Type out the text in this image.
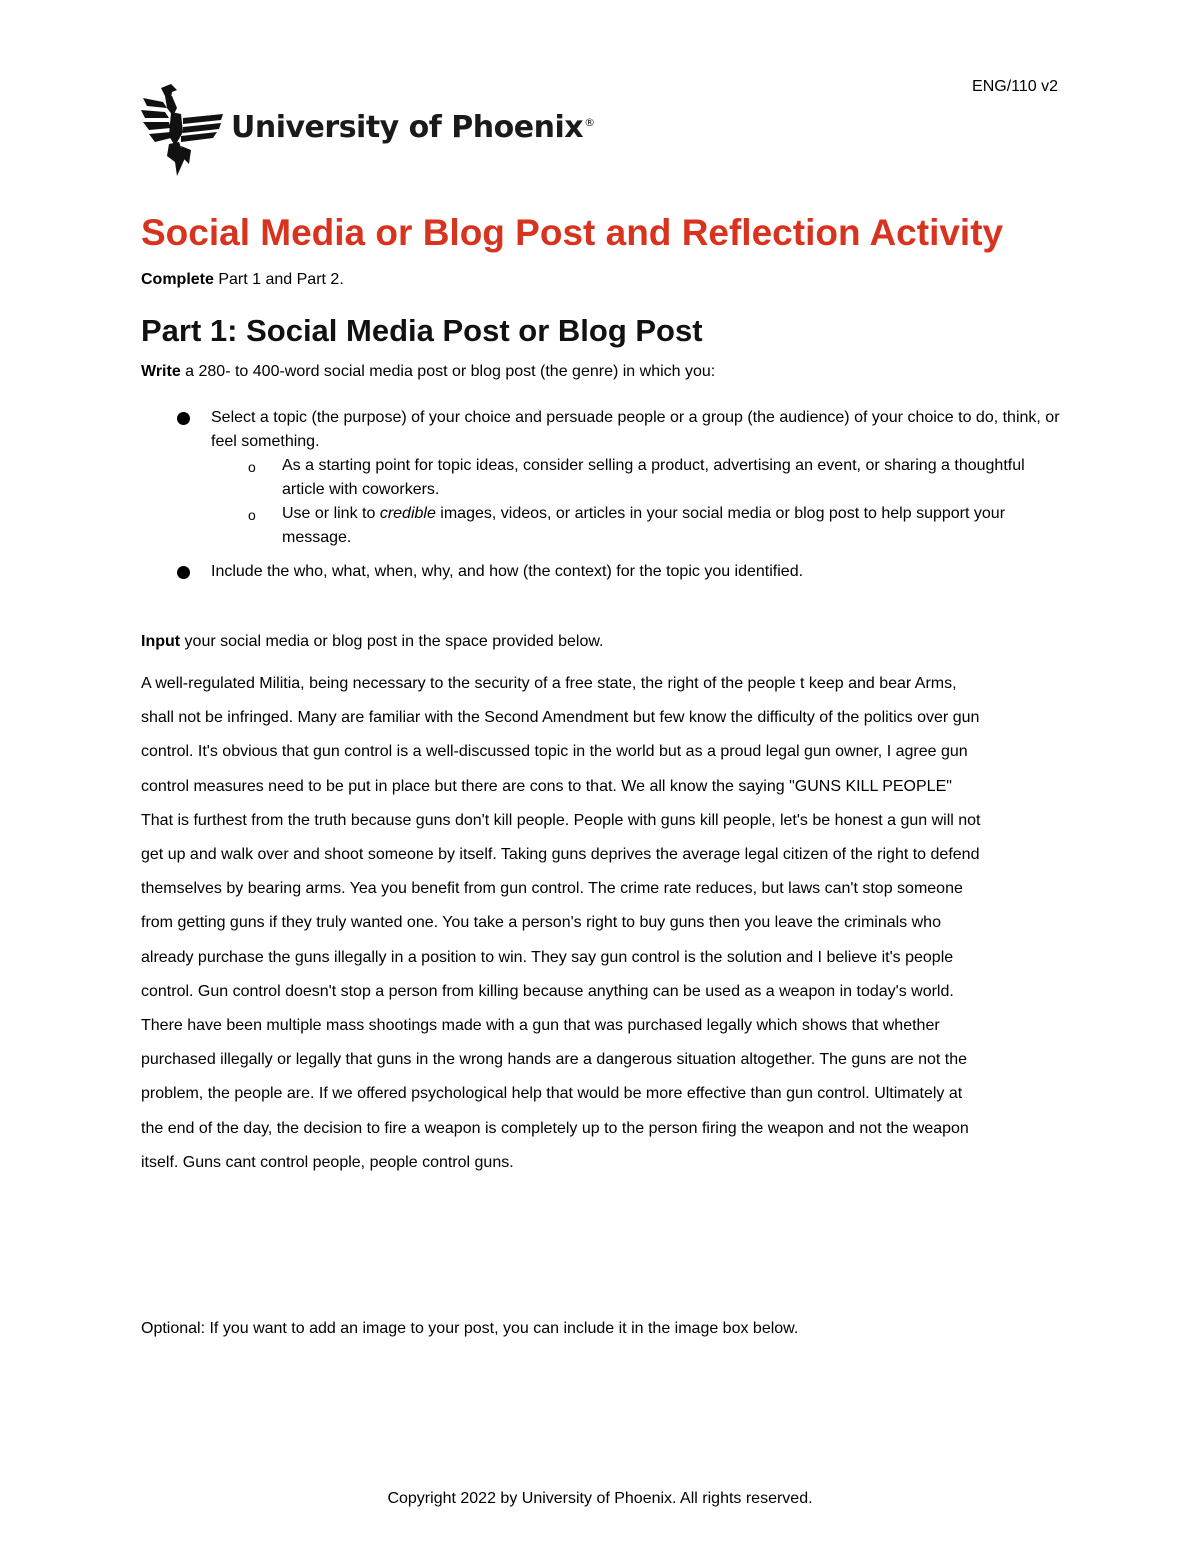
ENG/110 v2
University of Phoenix®
Social Media or Blog Post and Reflection Activity

Complete Part 1 and Part 2.

Part 1: Social Media Post or Blog Post

Write a 280- to 400-word social media post or blog post (the genre) in which you:

Select a topic (the purpose) of your choice and persuade people or a group (the audience) of your choice to do, think, or feel something.
o As a starting point for topic ideas, consider selling a product, advertising an event, or sharing a thoughtful article with coworkers.
o Use or link to credible images, videos, or articles in your social media or blog post to help support your message.
Include the who, what, when, why, and how (the context) for the topic you identified.

Input your social media or blog post in the space provided below.

A well-regulated Militia, being necessary to the security of a free state, the right of the people t keep and bear Arms, shall not be infringed. Many are familiar with the Second Amendment but few know the difficulty of the politics over gun control. It's obvious that gun control is a well-discussed topic in the world but as a proud legal gun owner, I agree gun control measures need to be put in place but there are cons to that. We all know the saying "GUNS KILL PEOPLE" That is furthest from the truth because guns don't kill people. People with guns kill people, let's be honest a gun will not get up and walk over and shoot someone by itself. Taking guns deprives the average legal citizen of the right to defend themselves by bearing arms. Yea you benefit from gun control. The crime rate reduces, but laws can't stop someone from getting guns if they truly wanted one. You take a person's right to buy guns then you leave the criminals who already purchase the guns illegally in a position to win. They say gun control is the solution and I believe it's people control. Gun control doesn't stop a person from killing because anything can be used as a weapon in today's world. There have been multiple mass shootings made with a gun that was purchased legally which shows that whether purchased illegally or legally that guns in the wrong hands are a dangerous situation altogether. The guns are not the problem, the people are. If we offered psychological help that would be more effective than gun control. Ultimately at the end of the day, the decision to fire a weapon is completely up to the person firing the weapon and not the weapon itself. Guns cant control people, people control guns.

Optional: If you want to add an image to your post, you can include it in the image box below.

Copyright 2022 by University of Phoenix. All rights reserved.
